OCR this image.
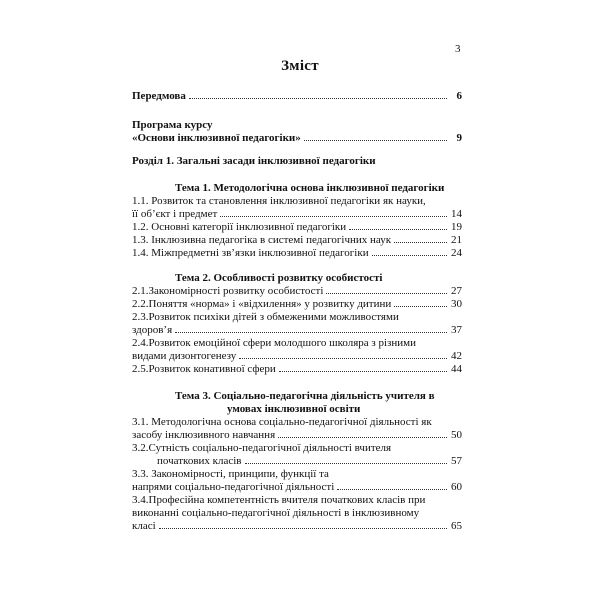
3
Зміст
Передмова	6
Програма курсу
«Основи інклюзивної педагогіки»	9
Розділ 1. Загальні засади інклюзивної педагогіки
Тема 1. Методологічна основа інклюзивної педагогіки
1.1. Розвиток та становлення інклюзивної педагогіки як науки,
її об’єкт і предмет	14
1.2. Основні категорії інклюзивної педагогіки	19
1.3. Інклюзивна педагогіка в системі педагогічних наук	21
1.4. Міжпредметні зв’язки інклюзивної педагогіки	24
Тема 2. Особливості розвитку особистості
2.1.Закономірності розвитку особистості	27
2.2.Поняття «норма» і «відхилення» у розвитку дитини	30
2.3.Розвиток психіки дітей з обмеженими можливостями
здоров’я	37
2.4.Розвиток емоційної сфери молодшого школяра з різними
видами дизонтогенезу	42
2.5.Розвиток конативної сфери	44
Тема 3. Соціально-педагогічна діяльність учителя в
умовах інклюзивної освіти
3.1. Методологічна основа соціально-педагогічної діяльності як
засобу інклюзивного навчання	50
3.2.Сутність соціально-педагогічної діяльності вчителя
початкових класів	57
3.3. Закономірності, принципи, функції та
напрями соціально-педагогічної діяльності	60
3.4.Професійна компетентність вчителя початкових класів при
виконанні соціально-педагогічної діяльності в інклюзивному
класі	65
